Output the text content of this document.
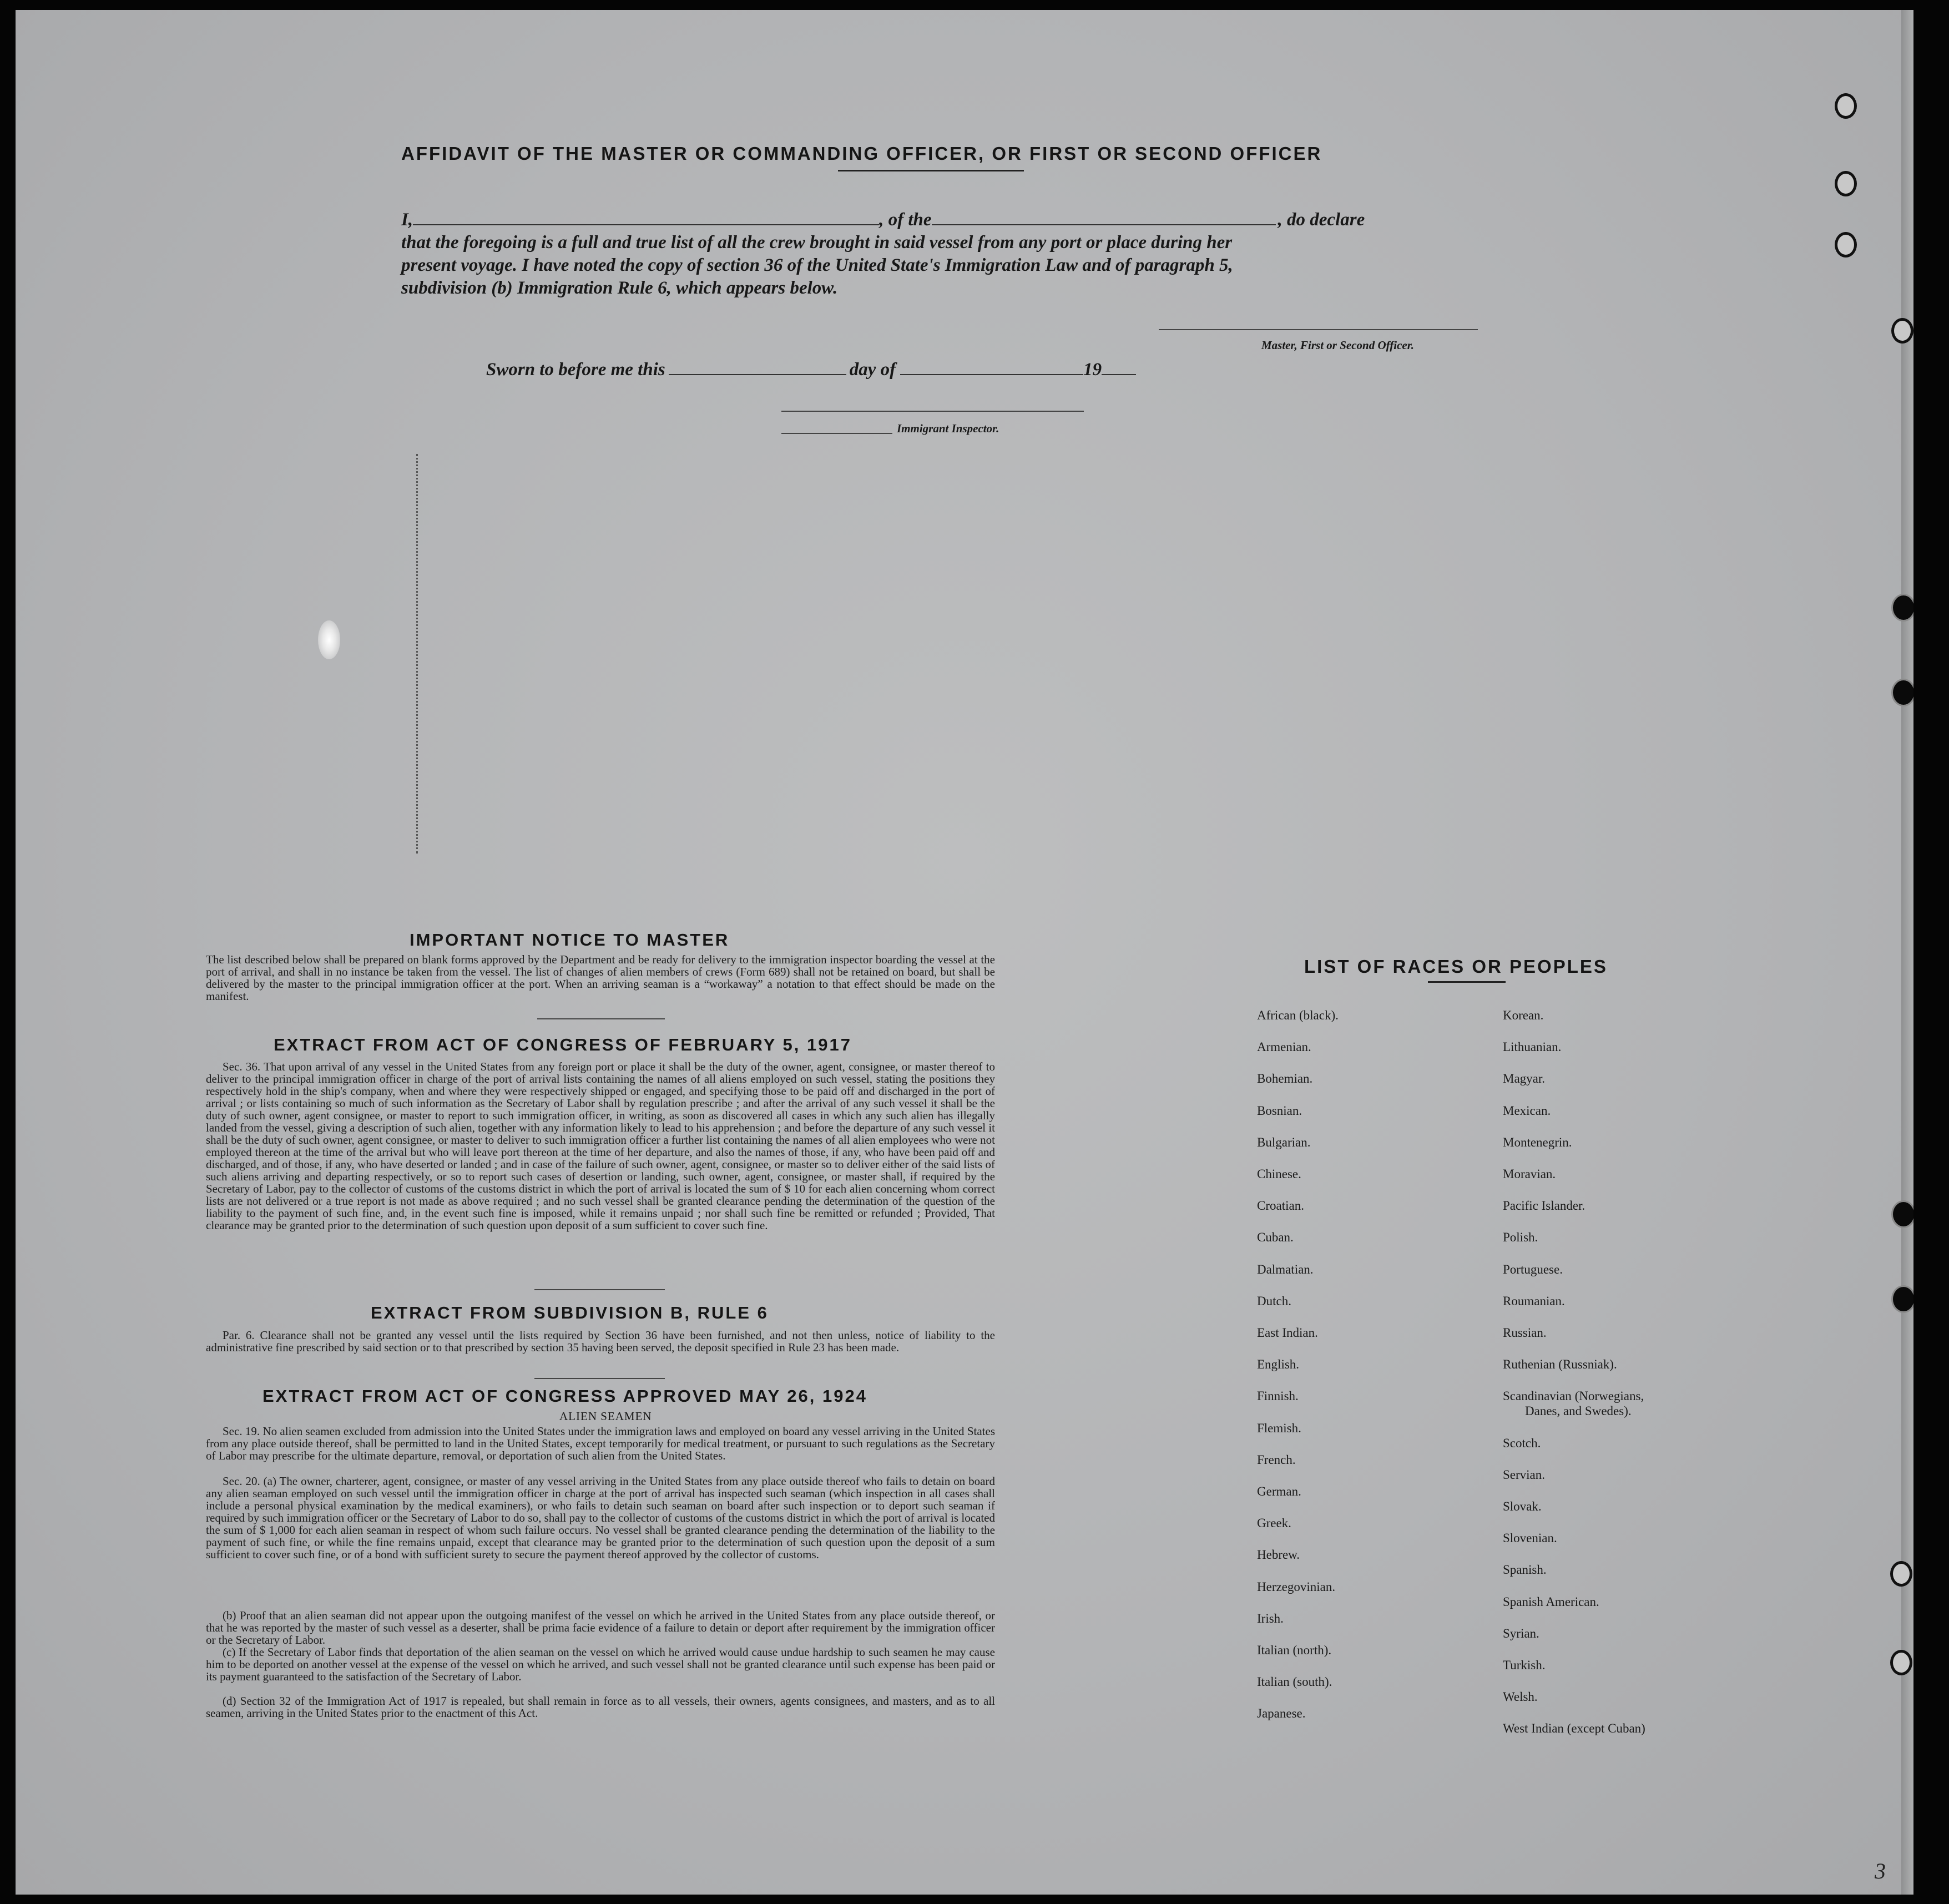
AFFIDAVIT OF THE MASTER OR COMMANDING OFFICER, OR FIRST OR SECOND OFFICER
I,	, of the	, do declare
that the foregoing is a full and true list of all the crew brought in said vessel from any port or place during her
present voyage. I have noted the copy of section 36 of the United State's Immigration Law and of paragraph 5,
subdivision (b) Immigration Rule 6, which appears below.
Master, First or Second Officer.
Sworn to before me this	day of	19
Immigrant Inspector.
IMPORTANT NOTICE TO MASTER
The list described below shall be prepared on blank forms approved by the Department and be ready for delivery to the immigration inspector boarding the vessel at the port of arrival, and shall in no instance be taken from the vessel. The list of changes of alien members of crews (Form 689) shall not be retained on board, but shall be delivered by the master to the principal immigration officer at the port. When an arriving seaman is a “workaway” a notation to that effect should be made on the manifest.
EXTRACT FROM ACT OF CONGRESS OF FEBRUARY 5, 1917
Sec. 36. That upon arrival of any vessel in the United States from any foreign port or place it shall be the duty of the owner, agent, consignee, or master thereof to deliver to the principal immigration officer in charge of the port of arrival lists containing the names of all aliens employed on such vessel, stating the positions they respectively hold in the ship's company, when and where they were respectively shipped or engaged, and specifying those to be paid off and discharged in the port of arrival ; or lists containing so much of such information as the Secretary of Labor shall by regulation prescribe ; and after the arrival of any such vessel it shall be the duty of such owner, agent consignee, or master to report to such immigration officer, in writing, as soon as discovered all cases in which any such alien has illegally landed from the vessel, giving a description of such alien, together with any information likely to lead to his apprehension ; and before the departure of any such vessel it shall be the duty of such owner, agent consignee, or master to deliver to such immigration officer a further list containing the names of all alien employees who were not employed thereon at the time of the arrival but who will leave port thereon at the time of her departure, and also the names of those, if any, who have been paid off and discharged, and of those, if any, who have deserted or landed ; and in case of the failure of such owner, agent, consignee, or master so to deliver either of the said lists of such aliens arriving and departing respectively, or so to report such cases of desertion or landing, such owner, agent, consignee, or master shall, if required by the Secretary of Labor, pay to the collector of customs of the customs district in which the port of arrival is located the sum of $ 10 for each alien concerning whom correct lists are not delivered or a true report is not made as above required ; and no such vessel shall be granted clearance pending the determination of the question of the liability to the payment of such fine, and, in the event such fine is imposed, while it remains unpaid ; nor shall such fine be remitted or refunded ; Provided, That clearance may be granted prior to the determination of such question upon deposit of a sum sufficient to cover such fine.
EXTRACT FROM SUBDIVISION B, RULE 6
Par. 6. Clearance shall not be granted any vessel until the lists required by Section 36 have been furnished, and not then unless, notice of liability to the administrative fine prescribed by said section or to that prescribed by section 35 having been served, the deposit specified in Rule 23 has been made.
EXTRACT FROM ACT OF CONGRESS APPROVED MAY 26, 1924
ALIEN SEAMEN
Sec. 19. No alien seamen excluded from admission into the United States under the immigration laws and employed on board any vessel arriving in the United States from any place outside thereof, shall be permitted to land in the United States, except temporarily for medical treatment, or pursuant to such regulations as the Secretary of Labor may prescribe for the ultimate departure, removal, or deportation of such alien from the United States.
Sec. 20. (a) The owner, charterer, agent, consignee, or master of any vessel arriving in the United States from any place outside thereof who fails to detain on board any alien seaman employed on such vessel until the immigration officer in charge at the port of arrival has inspected such seaman (which inspection in all cases shall include a personal physical examination by the medical examiners), or who fails to detain such seaman on board after such inspection or to deport such seaman if required by such immigration officer or the Secretary of Labor to do so, shall pay to the collector of customs of the customs district in which the port of arrival is located the sum of $ 1,000 for each alien seaman in respect of whom such failure occurs. No vessel shall be granted clearance pending the determination of the liability to the payment of such fine, or while the fine remains unpaid, except that clearance may be granted prior to the determination of such question upon the deposit of a sum sufficient to cover such fine, or of a bond with sufficient surety to secure the payment thereof approved by the collector of customs.
(b) Proof that an alien seaman did not appear upon the outgoing manifest of the vessel on which he arrived in the United States from any place outside thereof, or that he was reported by the master of such vessel as a deserter, shall be prima facie evidence of a failure to detain or deport after requirement by the immigration officer or the Secretary of Labor.
(c) If the Secretary of Labor finds that deportation of the alien seaman on the vessel on which he arrived would cause undue hardship to such seamen he may cause him to be deported on another vessel at the expense of the vessel on which he arrived, and such vessel shall not be granted clearance until such expense has been paid or its payment guaranteed to the satisfaction of the Secretary of Labor.
(d) Section 32 of the Immigration Act of 1917 is repealed, but shall remain in force as to all vessels, their owners, agents consignees, and masters, and as to all seamen, arriving in the United States prior to the enactment of this Act.
LIST OF RACES OR PEOPLES
African (black).
Armenian.
Bohemian.
Bosnian.
Bulgarian.
Chinese.
Croatian.
Cuban.
Dalmatian.
Dutch.
East Indian.
English.
Finnish.
Flemish.
French.
German.
Greek.
Hebrew.
Herzegovinian.
Irish.
Italian (north).
Italian (south).
Japanese.
Korean.
Lithuanian.
Magyar.
Mexican.
Montenegrin.
Moravian.
Pacific Islander.
Polish.
Portuguese.
Roumanian.
Russian.
Ruthenian (Russniak).
Scandinavian (Norwegians,
Danes, and Swedes).
Scotch.
Servian.
Slovak.
Slovenian.
Spanish.
Spanish American.
Syrian.
Turkish.
Welsh.
West Indian (except Cuban)
3
